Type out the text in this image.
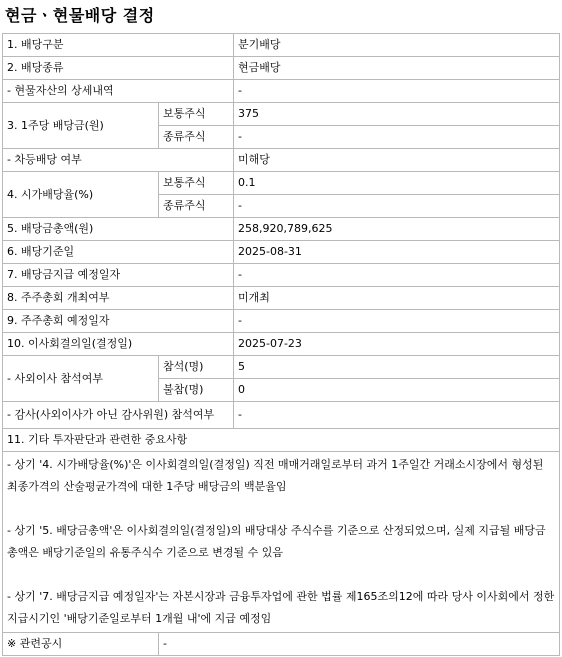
현금ㆍ현물배당 결정
1. 배당구분		분기배당
2. 배당종류		현금배당
- 현물자산의 상세내역		-
3. 1주당 배당금(원)	보통주식	375
	종류주식	-
- 차등배당 여부		미해당
4. 시가배당율(%)	보통주식	0.1
	종류주식	-
5. 배당금총액(원)		258,920,789,625
6. 배당기준일		2025-08-31
7. 배당금지급 예정일자		-
8. 주주총회 개최여부		미개최
9. 주주총회 예정일자		-
10. 이사회결의일(결정일)		2025-07-23
- 사외이사 참석여부	참석(명)	5
	불참(명)	0
- 감사(사외이사가 아닌 감사위원) 참석여부		-
11. 기타 투자판단과 관련한 중요사항		

- 상기 '4. 시가배당율(%)'은 이사회결의일(결정일) 직전 매매거래일로부터 과거 1주일간 거래소시장에서 형성된 최종가격의 산술평균가격에 대한 1주당 배당금의 백분율임
- 상기 '5. 배당금총액'은 이사회결의일(결정일)의 배당대상 주식수를 기준으로 산정되었으며, 실제 지급될 배당금총액은 배당기준일의 유통주식수 기준으로 변경될 수 있음
- 상기 '7. 배당금지급 예정일자'는 자본시장과 금융투자업에 관한 법률 제165조의12에 따라 당사 이사회에서 정한 지급시기인 '배당기준일로부터 1개월 내'에 지급 예정임		

※ 관련공시	-	
